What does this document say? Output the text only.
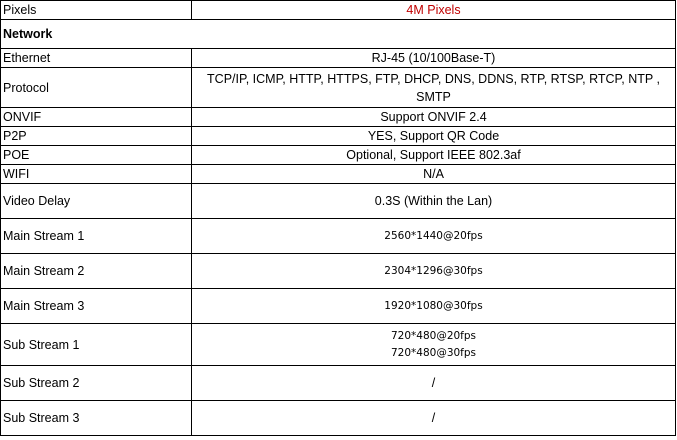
Pixels	4M Pixels
Network	
Ethernet	RJ-45 (10/100Base-T)
Protocol	TCP/IP, ICMP, HTTP, HTTPS, FTP, DHCP, DNS, DDNS, RTP, RTSP, RTCP, NTP , SMTP
ONVIF	Support ONVIF 2.4
P2P	YES, Support QR Code
POE	Optional, Support IEEE 802.3af
WIFI	N/A
Video Delay	0.3S (Within the Lan)
Main Stream 1	2560*1440@20fps
Main Stream 2	2304*1296@30fps
Main Stream 3	1920*1080@30fps
Sub Stream 1	720*480@20fps
720*480@30fps

Sub Stream 2	/
Sub Stream 3	/
